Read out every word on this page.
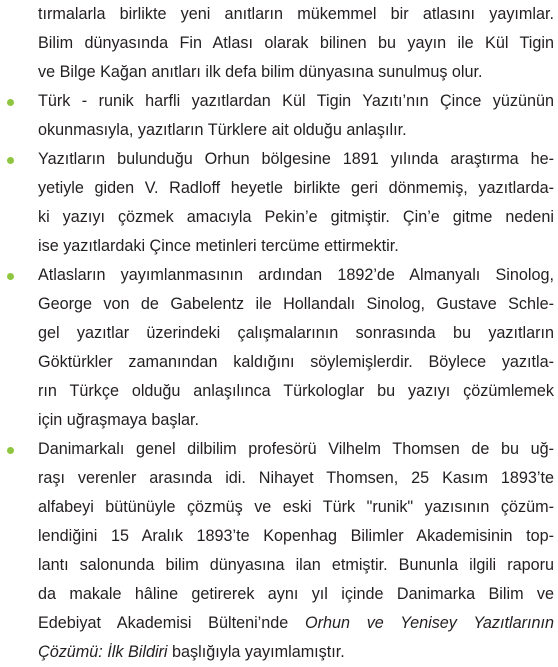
tırmalarla birlikte yeni anıtların mükemmel bir atlasını yayımlar.
Bilim dünyasında Fin Atlası olarak bilinen bu yayın ile Kül Tigin
ve Bilge Kağan anıtları ilk defa bilim dünyasına sunulmuş olur.
Türk - runik harfli yazıtlardan Kül Tigin Yazıtı’nın Çince yüzünün
okunmasıyla, yazıtların Türklere ait olduğu anlaşılır.
Yazıtların bulunduğu Orhun bölgesine 1891 yılında araştırma he-
yetiyle giden V. Radloff heyetle birlikte geri dönmemiş, yazıtlarda-
ki yazıyı çözmek amacıyla Pekin’e gitmiştir. Çin’e gitme nedeni
ise yazıtlardaki Çince metinleri tercüme ettirmektir.
Atlasların yayımlanmasının ardından 1892’de Almanyalı Sinolog,
George von de Gabelentz ile Hollandalı Sinolog, Gustave Schle-
gel yazıtlar üzerindeki çalışmalarının sonrasında bu yazıtların
Göktürkler zamanından kaldığını söylemişlerdir. Böylece yazıtla-
rın Türkçe olduğu anlaşılınca Türkologlar bu yazıyı çözümlemek
için uğraşmaya başlar.
Danimarkalı genel dilbilim profesörü Vilhelm Thomsen de bu uğ-
raşı verenler arasında idi. Nihayet Thomsen, 25 Kasım 1893’te
alfabeyi bütünüyle çözmüş ve eski Türk "runik" yazısının çözüm-
lendiğini 15 Aralık 1893’te Kopenhag Bilimler Akademisinin top-
lantı salonunda bilim dünyasına ilan etmiştir. Bununla ilgili raporu
da makale hâline getirerek aynı yıl içinde Danimarka Bilim ve
Edebiyat Akademisi Bülteni’nde Orhun ve Yenisey Yazıtlarının
Çözümü: İlk Bildiri başlığıyla yayımlamıştır.
